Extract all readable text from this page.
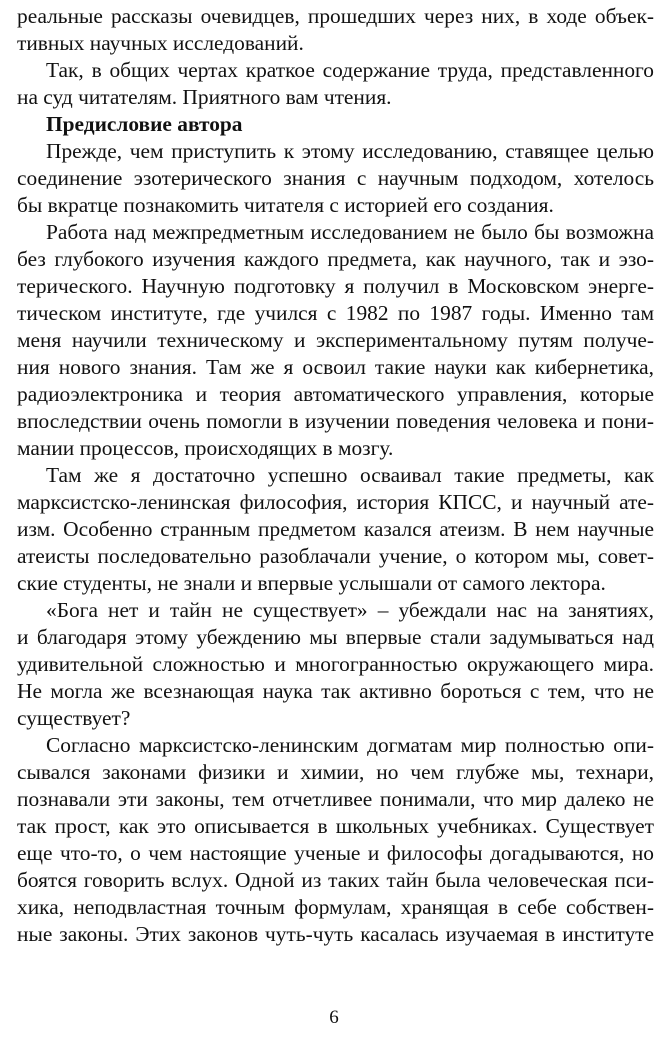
реальные рассказы очевидцев, прошедших через них, в ходе объек-
тивных научных исследований.
Так, в общих чертах краткое содержание труда, представленного
на суд читателям. Приятного вам чтения.
Предисловие автора
Прежде, чем приступить к этому исследованию, ставящее целью
соединение эзотерического знания с научным подходом, хотелось
бы вкратце познакомить читателя с историей его создания.
Работа над межпредметным исследованием не было бы возможна
без глубокого изучения каждого предмета, как научного, так и эзо-
терического. Научную подготовку я получил в Московском энерге-
тическом институте, где учился с 1982 по 1987 годы. Именно там
меня научили техническому и экспериментальному путям получе-
ния нового знания. Там же я освоил такие науки как кибернетика,
радиоэлектроника и теория автоматического управления, которые
впоследствии очень помогли в изучении поведения человека и пони-
мании процессов, происходящих в мозгу.
Там же я достаточно успешно осваивал такие предметы, как
марксистско-ленинская философия, история КПСС, и научный ате-
изм. Особенно странным предметом казался атеизм. В нем научные
атеисты последовательно разоблачали учение, о котором мы, совет-
ские студенты, не знали и впервые услышали от самого лектора.
«Бога нет и тайн не существует» – убеждали нас на занятиях,
и благодаря этому убеждению мы впервые стали задумываться над
удивительной сложностью и многогранностью окружающего мира.
Не могла же всезнающая наука так активно бороться с тем, что не
существует?
Согласно марксистско-ленинским догматам мир полностью опи-
сывался законами физики и химии, но чем глубже мы, технари,
познавали эти законы, тем отчетливее понимали, что мир далеко не
так прост, как это описывается в школьных учебниках. Существует
еще что-то, о чем настоящие ученые и философы догадываются, но
боятся говорить вслух. Одной из таких тайн была человеческая пси-
хика, неподвластная точным формулам, хранящая в себе собствен-
ные законы. Этих законов чуть-чуть касалась изучаемая в институте
6
